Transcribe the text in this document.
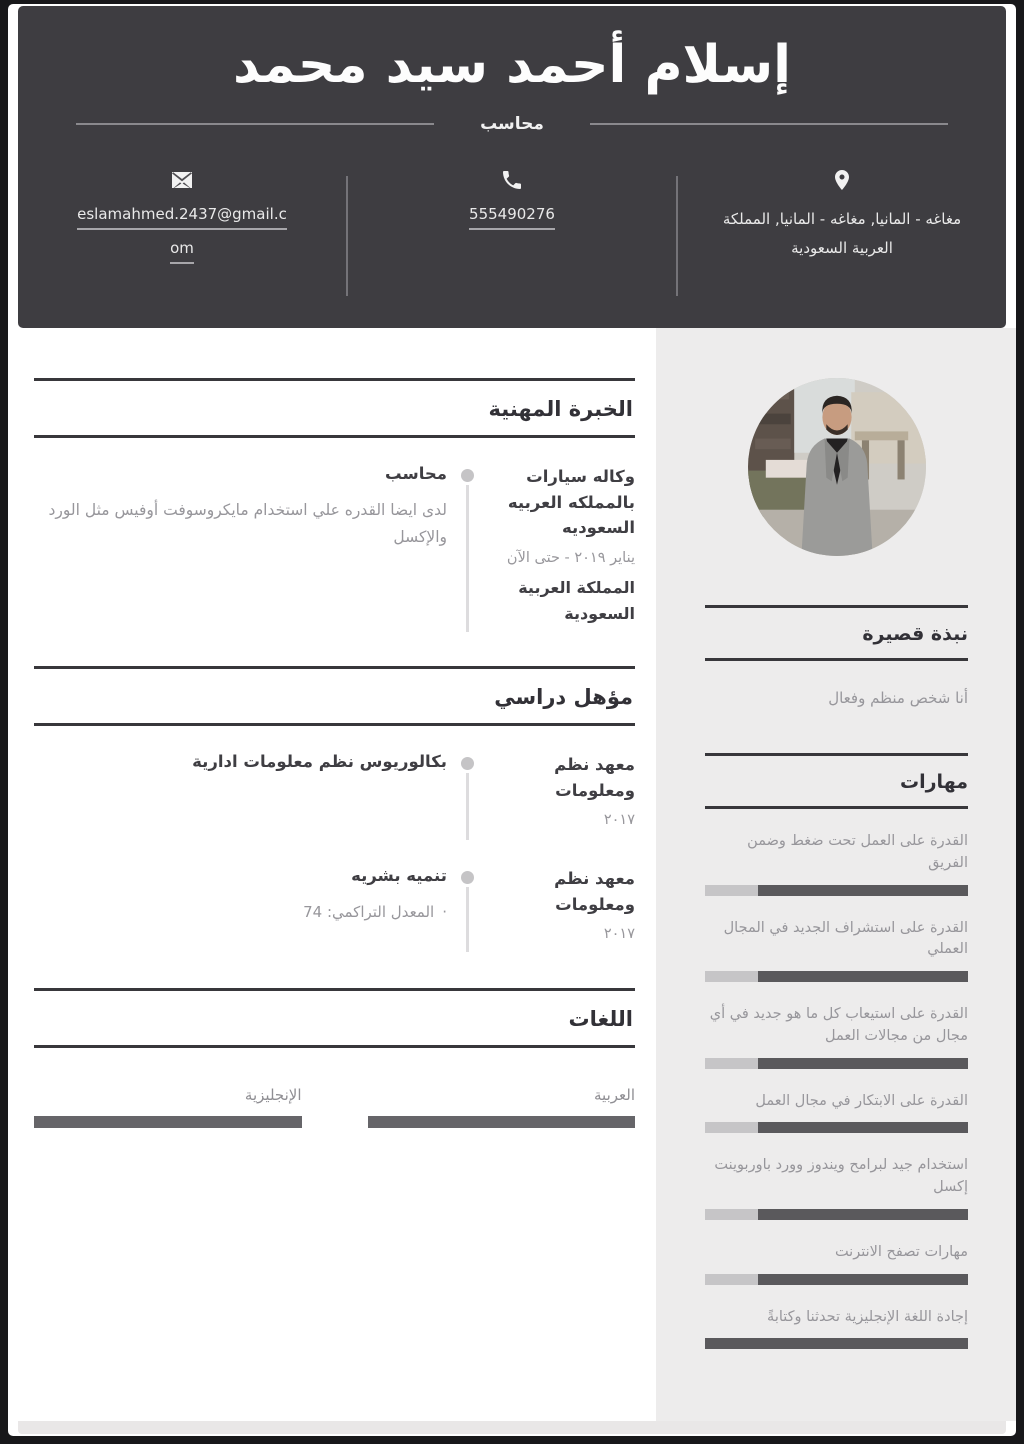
إسلام أحمد سيد محمد
محاسب
eslamahmed.2437@gmail.c
om
555490276	مغاغه - المانيا, مغاغه - المانيا, المملكة العربية السعودية
نبذة قصيرة
أنا شخص منظم وفعال
مهارات
القدرة على العمل تحت ضغط وضمن الفريق
القدرة على استشراف الجديد في المجال العملي
القدرة على استيعاب كل ما هو جديد في أي مجال من مجالات العمل
القدرة على الابتكار في مجال العمل
استخدام جيد لبرامح ويندوز وورد باوربوينت إكسل
مهارات تصفح الانترنت
إجادة اللغة الإنجليزية تحدثنا وكتابةً
الخبرة المهنية
وكاله سيارات بالمملكه العربيه السعوديه
يناير ٢٠١٩ - حتى الآن
المملكة العربية السعودية
محاسب
لدى ايضا القدره علي استخدام مايكروسوفت أوفيس مثل الورد والإكسل
مؤهل دراسي
معهد نظم ومعلومات
٢٠١٧
بكالوريوس نظم معلومات ادارية
معهد نظم ومعلومات
٢٠١٧
تنميه بشريه
·المعدل التراكمي: 74
اللغات
العربية
الإنجليزية
